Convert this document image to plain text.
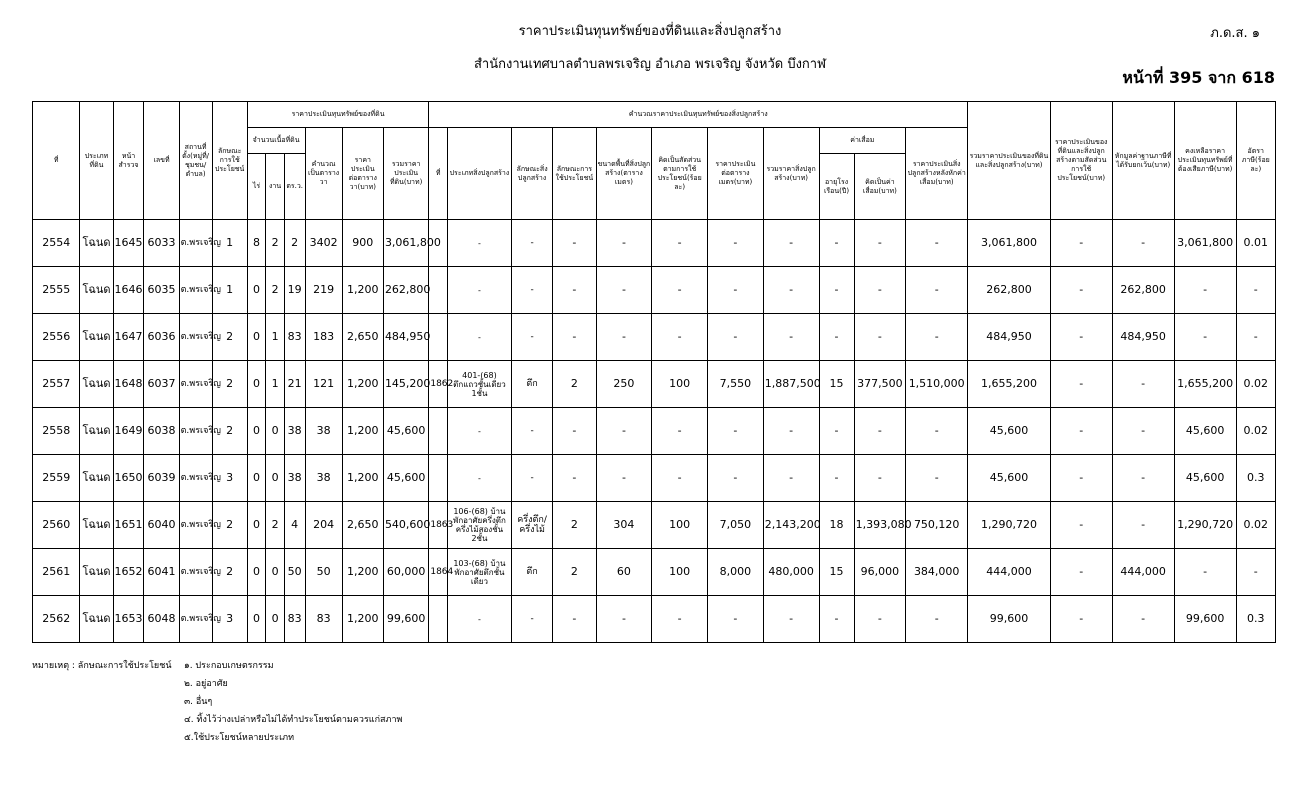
ราคาประเมินทุนทรัพย์ของที่ดินและสิ่งปลูกสร้าง
สำนักงานเทศบาลตำบลพรเจริญ อำเภอ พรเจริญ จังหวัด บึงกาฬ
ภ.ด.ส. ๑
หน้าที่ 395 จาก 618
ที่	ประเภทที่ดิน	หน้าสำรวจ	เลขที่	สถานที่ตั้ง(หมู่ที่/ชุมชน/ตำบล)	ลักษณะการใช้ประโยชน์	ราคาประเมินทุนทรัพย์ของที่ดิน						คำนวณราคาประเมินทุนทรัพย์ของสิ่งปลูกสร้าง											รวมราคาประเมินของที่ดินและสิ่งปลูกสร้าง(บาท)	ราคาประเมินของที่ดินและสิ่งปลูกสร้างตามสัดส่วนการใช้ประโยชน์(บาท)	หักมูลค่าฐานภาษีที่ได้รับยกเว้น(บาท)	คงเหลือราคาประเมินทุนทรัพย์ที่ต้องเสียภาษี(บาท)	อัตราภาษี(ร้อยละ)
						จำนวนเนื้อที่ดิน			คำนวณเป็นตารางวา	ราคาประเมินต่อตารางวา(บาท)	รวมราคาประเมินที่ดิน(บาท)	ที่	ประเภทสิ่งปลูกสร้าง	ลักษณะสิ่งปลูกสร้าง	ลักษณะการใช้ประโยชน์	ขนาดพื้นที่สิ่งปลูกสร้าง(ตารางเมตร)	คิดเป็นสัดส่วนตามการใช้ประโยชน์(ร้อยละ)	ราคาประเมินต่อตารางเมตร(บาท)	รวมราคาสิ่งปลูกสร้าง(บาท)	ค่าเสื่อม		ราคาประเมินสิ่งปลูกสร้างหลังหักค่าเสื่อม(บาท)					
						ไร่	งาน	ตร.ว.												อายุโรงเรือน(ปี)	คิดเป็นค่าเสื่อม(บาท)						
2554	โฉนด	1645	6033	ต.พรเจริญ	1	8	2	2	3402	900	3,061,800		-	-	-	-	-	-	-	-	-	-	3,061,800	-	-	3,061,800	0.01
2555	โฉนด	1646	6035	ต.พรเจริญ	1	0	2	19	219	1,200	262,800		-	-	-	-	-	-	-	-	-	-	262,800	-	262,800	-	-
2556	โฉนด	1647	6036	ต.พรเจริญ	2	0	1	83	183	2,650	484,950		-	-	-	-	-	-	-	-	-	-	484,950	-	484,950	-	-
2557	โฉนด	1648	6037	ต.พรเจริญ	2	0	1	21	121	1,200	145,200	1862	401-(68) ตึกแถวชั้นเดียว 1ชั้น	ตึก	2	250	100	7,550	1,887,500	15	377,500	1,510,000	1,655,200	-	-	1,655,200	0.02
2558	โฉนด	1649	6038	ต.พรเจริญ	2	0	0	38	38	1,200	45,600		-	-	-	-	-	-	-	-	-	-	45,600	-	-	45,600	0.02
2559	โฉนด	1650	6039	ต.พรเจริญ	3	0	0	38	38	1,200	45,600		-	-	-	-	-	-	-	-	-	-	45,600	-	-	45,600	0.3
2560	โฉนด	1651	6040	ต.พรเจริญ	2	0	2	4	204	2,650	540,600	1863	106-(68) บ้านพักอาศัยครึ่งตึกครึ่งไม้สองชั้น 2ชั้น	ครึ่งตึก/ครึ่งไม้	2	304	100	7,050	2,143,200	18	1,393,080	750,120	1,290,720	-	-	1,290,720	0.02
2561	โฉนด	1652	6041	ต.พรเจริญ	2	0	0	50	50	1,200	60,000	1864	103-(68) บ้านพักอาศัยตึกชั้นเดียว	ตึก	2	60	100	8,000	480,000	15	96,000	384,000	444,000	-	444,000	-	-
2562	โฉนด	1653	6048	ต.พรเจริญ	3	0	0	83	83	1,200	99,600		-	-	-	-	-	-	-	-	-	-	99,600	-	-	99,600	0.3
หมายเหตุ : ลักษณะการใช้ประโยชน์ ๑. ประกอบเกษตรกรรม
๒. อยู่อาศัย
๓. อื่นๆ
๔. ทิ้งไว้ว่างเปล่าหรือไม่ได้ทำประโยชน์ตามควรแก่สภาพ
๕.ใช้ประโยชน์หลายประเภท
